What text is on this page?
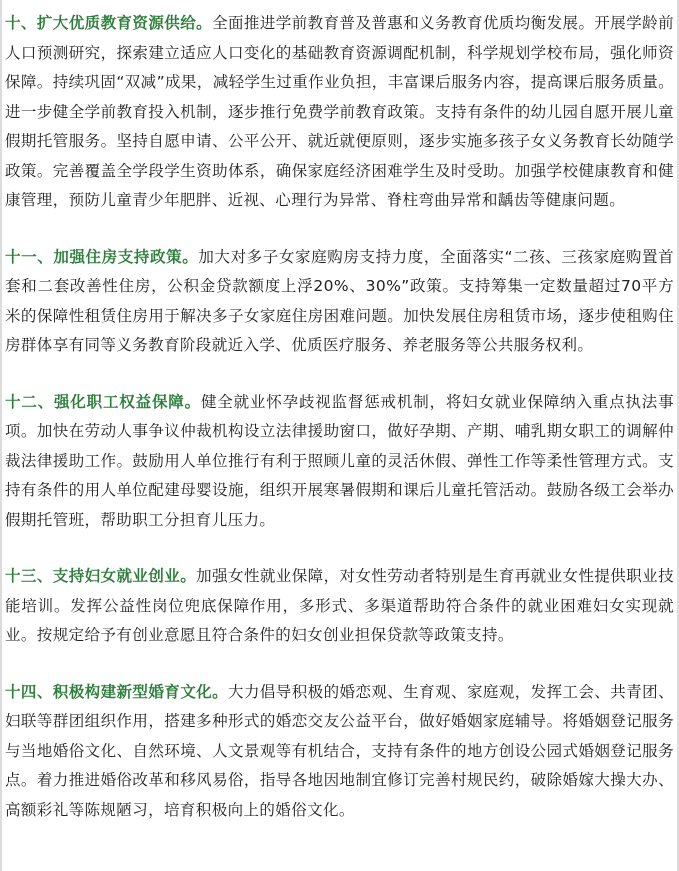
十、扩大优质教育资源供给。全面推进学前教育普及普惠和义务教育优质均衡发展。开展学龄前人口预测研究，探索建立适应人口变化的基础教育资源调配机制，科学规划学校布局，强化师资保障。持续巩固“双减”成果，减轻学生过重作业负担，丰富课后服务内容，提高课后服务质量。进一步健全学前教育投入机制，逐步推行免费学前教育政策。支持有条件的幼儿园自愿开展儿童假期托管服务。坚持自愿申请、公平公开、就近就便原则，逐步实施多孩子女义务教育长幼随学政策。完善覆盖全学段学生资助体系，确保家庭经济困难学生及时受助。加强学校健康教育和健康管理，预防儿童青少年肥胖、近视、心理行为异常、脊柱弯曲异常和龋齿等健康问题。

十一、加强住房支持政策。加大对多子女家庭购房支持力度，全面落实“二孩、三孩家庭购置首套和二套改善性住房，公积金贷款额度上浮20%、30%”政策。支持筹集一定数量超过70平方米的保障性租赁住房用于解决多子女家庭住房困难问题。加快发展住房租赁市场，逐步使租购住房群体享有同等义务教育阶段就近入学、优质医疗服务、养老服务等公共服务权利。

十二、强化职工权益保障。健全就业怀孕歧视监督惩戒机制，将妇女就业保障纳入重点执法事项。加快在劳动人事争议仲裁机构设立法律援助窗口，做好孕期、产期、哺乳期女职工的调解仲裁法律援助工作。鼓励用人单位推行有利于照顾儿童的灵活休假、弹性工作等柔性管理方式。支持有条件的用人单位配建母婴设施，组织开展寒暑假期和课后儿童托管活动。鼓励各级工会举办假期托管班，帮助职工分担育儿压力。

十三、支持妇女就业创业。加强女性就业保障，对女性劳动者特别是生育再就业女性提供职业技能培训。发挥公益性岗位兜底保障作用，多形式、多渠道帮助符合条件的就业困难妇女实现就业。按规定给予有创业意愿且符合条件的妇女创业担保贷款等政策支持。

十四、积极构建新型婚育文化。大力倡导积极的婚恋观、生育观、家庭观，发挥工会、共青团、妇联等群团组织作用，搭建多种形式的婚恋交友公益平台，做好婚姻家庭辅导。将婚姻登记服务与当地婚俗文化、自然环境、人文景观等有机结合，支持有条件的地方创设公园式婚姻登记服务点。着力推进婚俗改革和移风易俗，指导各地因地制宜修订完善村规民约，破除婚嫁大操大办、高额彩礼等陈规陋习，培育积极向上的婚俗文化。
